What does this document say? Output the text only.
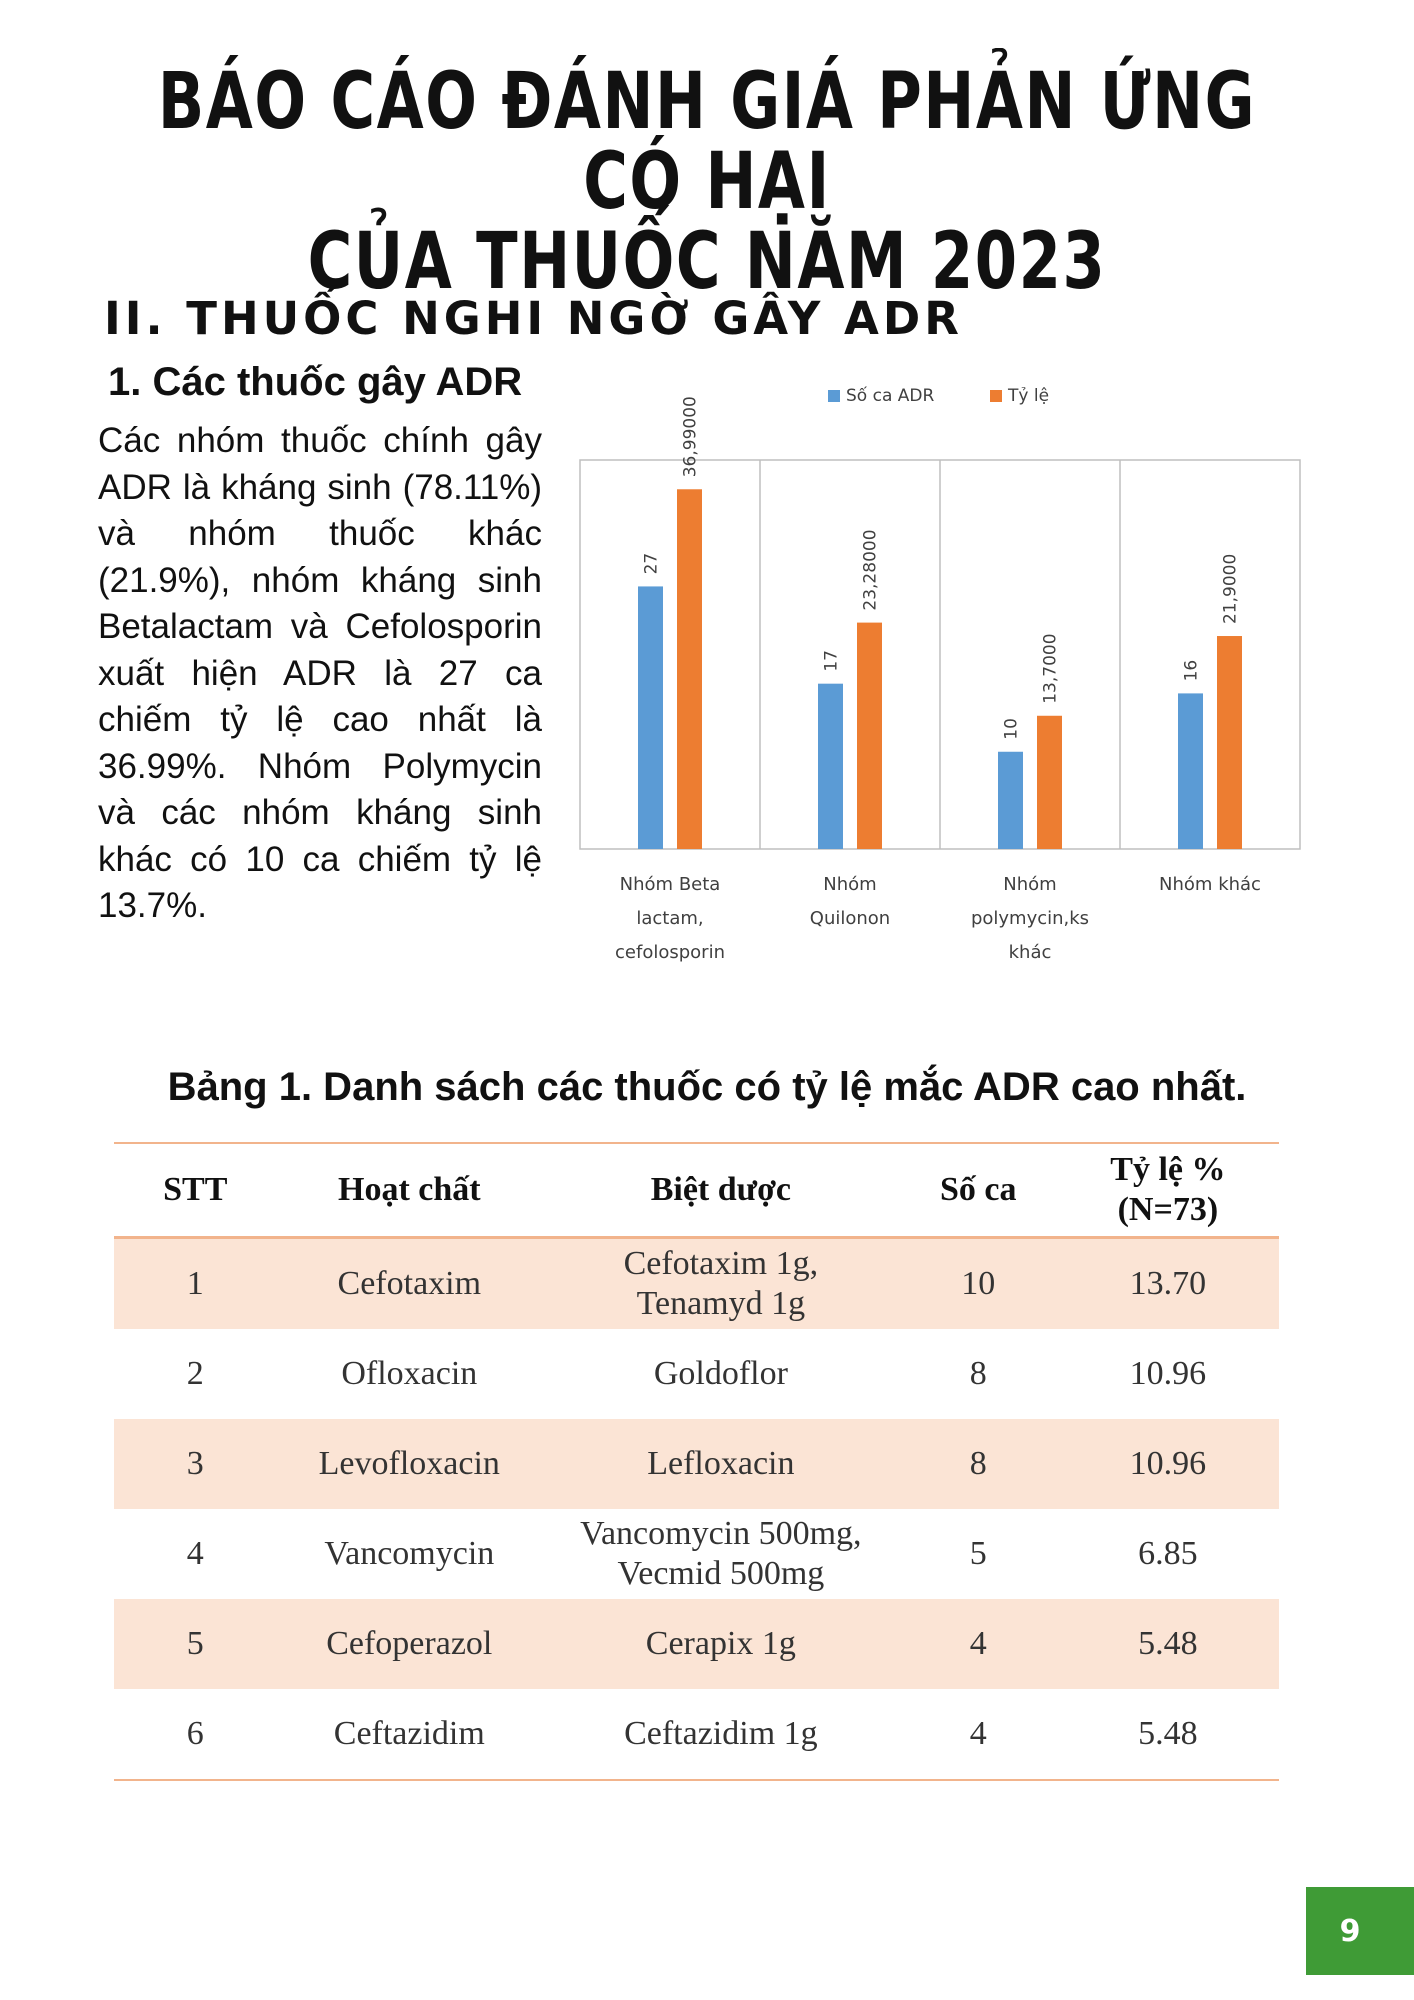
BÁO CÁO ĐÁNH GIÁ PHẢN ỨNG CÓ HẠI
CỦA THUỐC NĂM 2023
II. THUỐC NGHI NGỜ GÂY ADR
1. Các thuốc gây ADR

Các nhóm thuốc chính gây ADR là kháng sinh (78.11%) và nhóm thuốc khác (21.9%), nhóm kháng sinh Betalactam và Cefolosporin xuất hiện ADR là 27 ca chiếm tỷ lệ cao nhất là 36.99%. Nhóm Polymycin và các nhóm kháng sinh khác có 10 ca chiếm tỷ lệ 13.7%.

Số ca ADR	Tỷ lệ
27
36,99000
Nhóm Beta lactam, cefolosporin
17
23,28000
Nhóm Quilonon
10
13,7000
Nhóm polymycin,ks khác
16
21,9000
Nhóm khác
Bảng 1. Danh sách các thuốc có tỷ lệ mắc ADR cao nhất.
STT	Hoạt chất	Biệt dược	Số ca	Tỷ lệ %
(N=73)
1	Cefotaxim	Cefotaxim 1g,
Tenamyd 1g	10	13.70
2	Ofloxacin	Goldoflor	8	10.96
3	Levofloxacin	Lefloxacin	8	10.96
4	Vancomycin	Vancomycin 500mg,
Vecmid 500mg	5	6.85
5	Cefoperazol	Cerapix 1g	4	5.48
6	Ceftazidim	Ceftazidim 1g	4	5.48
9
